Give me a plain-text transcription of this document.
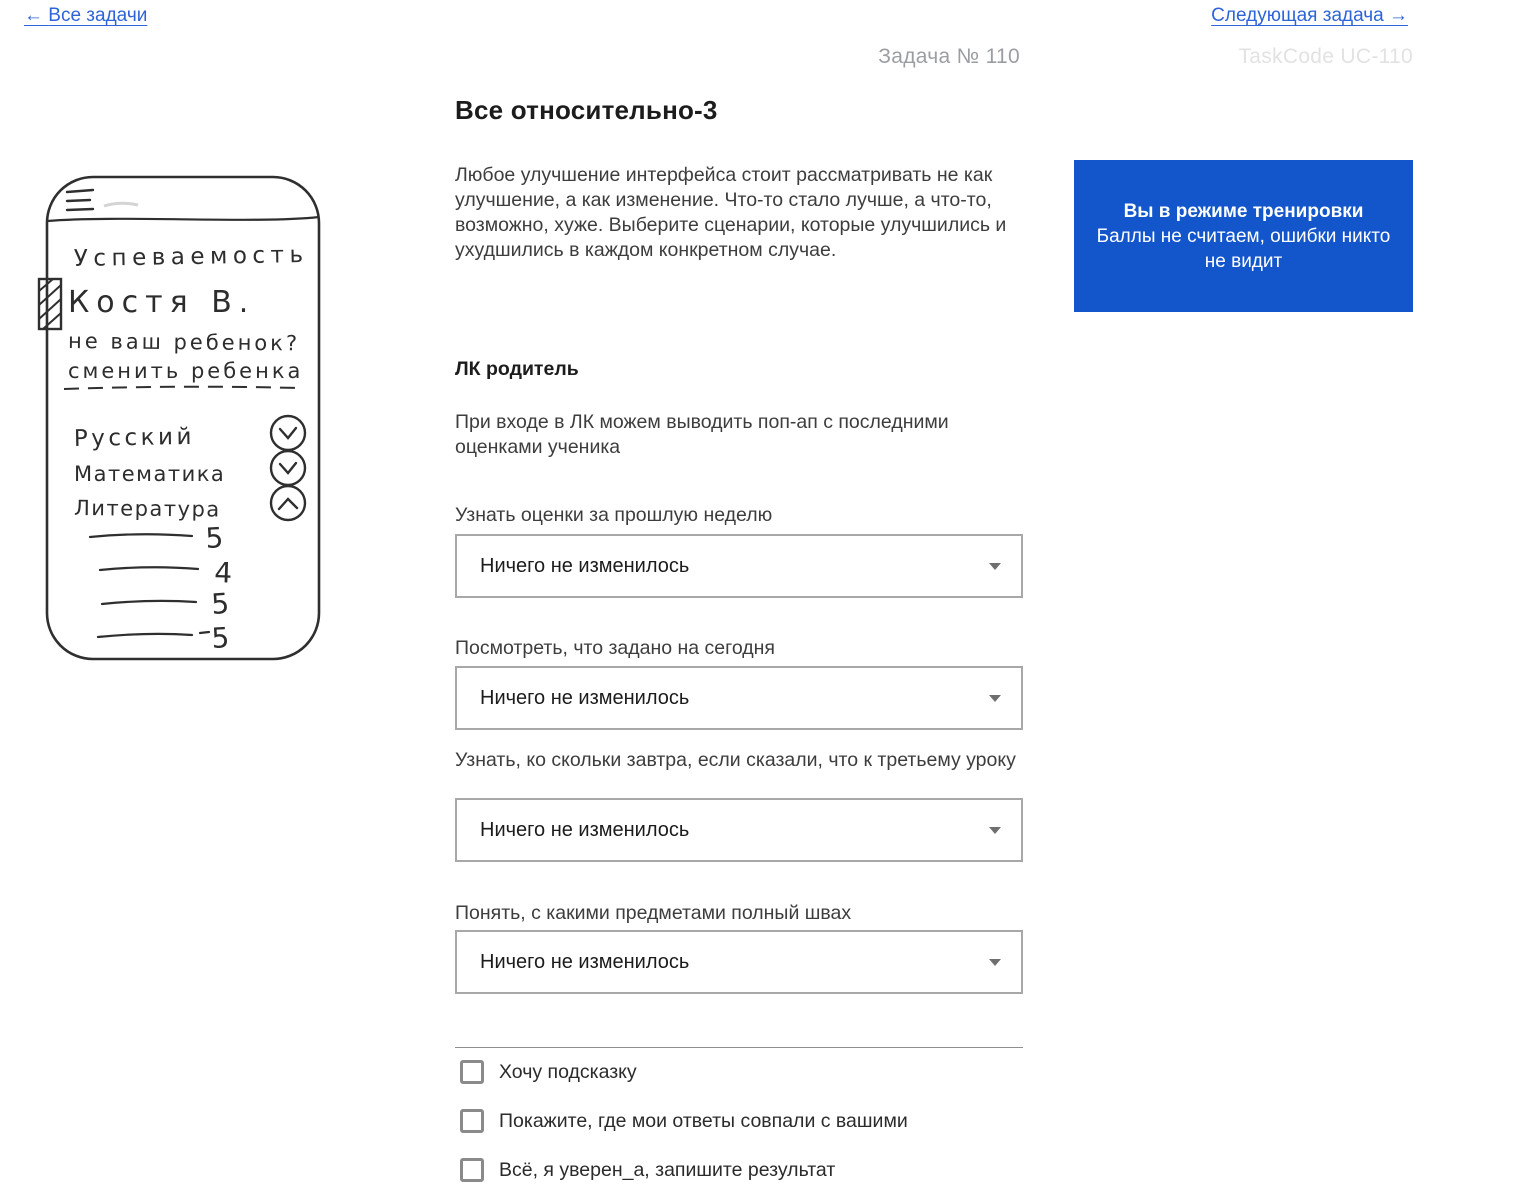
← Все задачи	Следующая задача →
Задача № 110	TaskCode UC-110
Все относительно-3

Любое улучшение интерфейса стоит рассматривать не как улучшение, а как изменение. Что-то стало лучше, а что-то, возможно, хуже. Выберите сценарии, которые улучшились и ухудшились в каждом конкретном случае.

Вы в режиме тренировки
Баллы не считаем, ошибки никто не видит
Успеваемость
Костя В.
не ваш ребенок?
сменить ребенка
Русский
Математика
Литература
5
4
5
5
ЛК родитель

При входе в ЛК можем выводить поп-ап с последними оценками ученика

Узнать оценки за прошлую неделю
Ничего не изменилось
Посмотреть, что задано на сегодня
Ничего не изменилось
Узнать, ко скольки завтра, если сказали, что к третьему уроку
Ничего не изменилось
Понять, с какими предметами полный швах
Ничего не изменилось
Хочу подсказку
Покажите, где мои ответы совпали с вашими
Всё, я уверен_а, запишите результат
